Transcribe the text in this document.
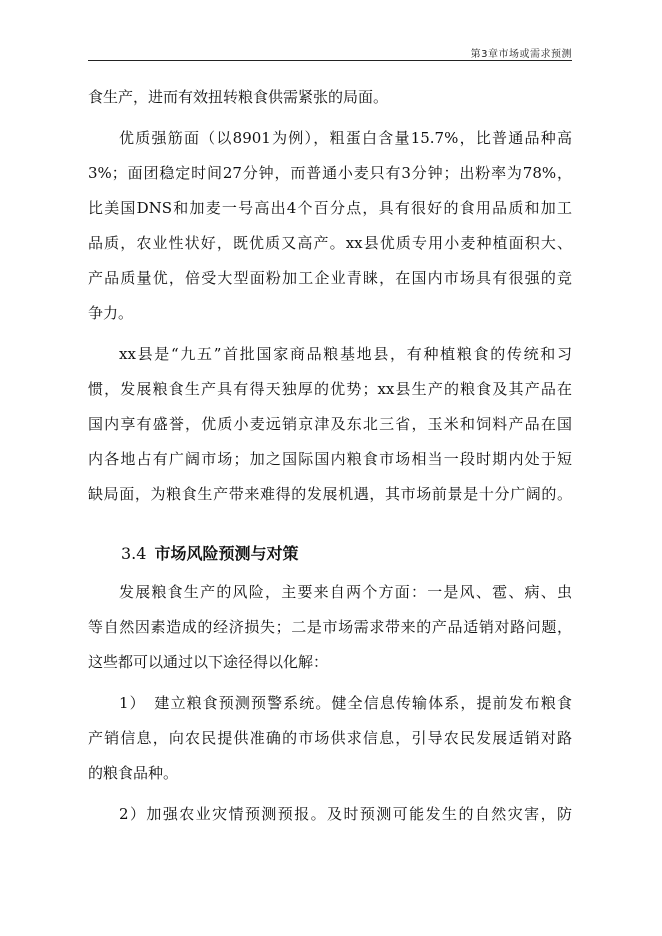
第3章市场或需求预测
食生产，进而有效扭转粮食供需紧张的局面。
优质强筋面（以8901为例），粗蛋白含量15.7%，比普通品种高
3%；面团稳定时间27分钟，而普通小麦只有3分钟；出粉率为78%，
比美国DNS和加麦一号高出4个百分点，具有很好的食用品质和加工
品质，农业性状好，既优质又高产。xx县优质专用小麦种植面积大、
产品质量优，倍受大型面粉加工企业青睐，在国内市场具有很强的竞
争力。
xx县是“九五”首批国家商品粮基地县，有种植粮食的传统和习
惯，发展粮食生产具有得天独厚的优势；xx县生产的粮食及其产品在
国内享有盛誉，优质小麦远销京津及东北三省，玉米和饲料产品在国
内各地占有广阔市场；加之国际国内粮食市场相当一段时期内处于短
缺局面，为粮食生产带来难得的发展机遇，其市场前景是十分广阔的。
3.4 市场风险预测与对策
发展粮食生产的风险，主要来自两个方面：一是风、雹、病、虫
等自然因素造成的经济损失；二是市场需求带来的产品适销对路问题，
这些都可以通过以下途径得以化解：
1）　建立粮食预测预警系统。健全信息传输体系，提前发布粮食
产销信息，向农民提供准确的市场供求信息，引导农民发展适销对路
的粮食品种。
2）加强农业灾情预测预报。及时预测可能发生的自然灾害，防
